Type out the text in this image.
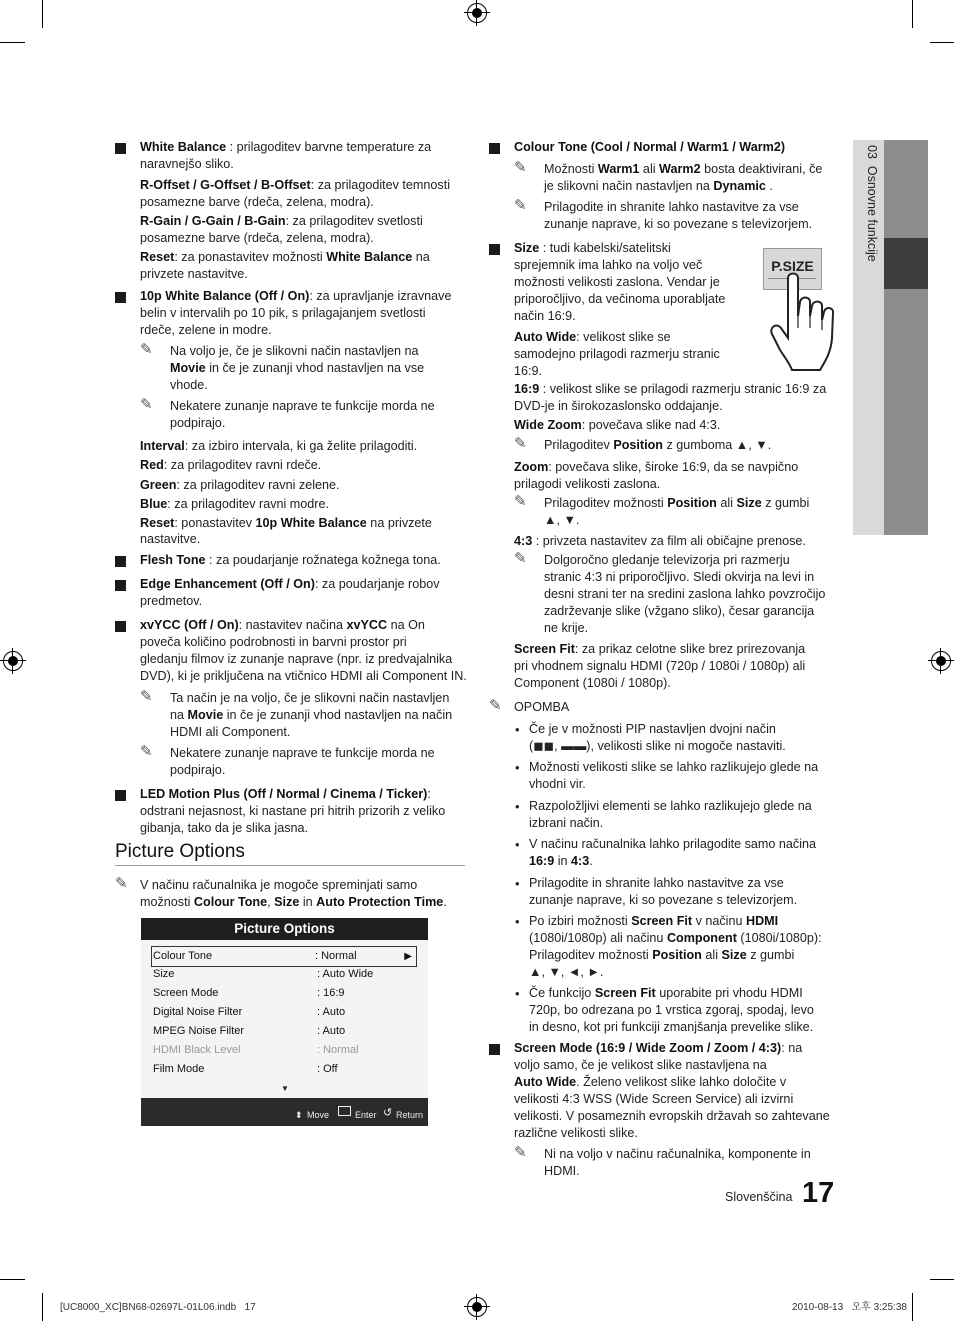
03  Osnovne funkcije

White Balance : prilagoditev barvne temperature za

naravnejšo sliko.

R-Offset / G-Offset / B-Offset: za prilagoditev temnosti

posamezne barve (rdeča, zelena, modra).

R-Gain / G-Gain / B-Gain: za prilagoditev svetlosti

posamezne barve (rdeča, zelena, modra).

Reset: za ponastavitev možnosti White Balance na

privzete nastavitve.

10p White Balance (Off / On): za upravljanje izravnave

belin v intervalih po 10 pik, s prilagajanjem svetlosti

rdeče, zelene in modre.

✎ Na voljo je, če je slikovni način nastavljen na

Movie in če je zunanji vhod nastavljen na vse

vhode.

✎ Nekatere zunanje naprave te funkcije morda ne

podpirajo.

Interval: za izbiro intervala, ki ga želite prilagoditi.

Red: za prilagoditev ravni rdeče.

Green: za prilagoditev ravni zelene.

Blue: za prilagoditev ravni modre.

Reset: ponastavitev 10p White Balance na privzete

nastavitve.

Flesh Tone : za poudarjanje rožnatega kožnega tona.

Edge Enhancement (Off / On): za poudarjanje robov

predmetov.

xvYCC (Off / On): nastavitev načina xvYCC na On

poveča količino podrobnosti in barvni prostor pri

gledanju filmov iz zunanje naprave (npr. iz predvajalnika

DVD), ki je priključena na vtičnico HDMI ali Component IN.

✎ Ta način je na voljo, če je slikovni način nastavljen

na Movie in če je zunanji vhod nastavljen na način

HDMI ali Component.

✎ Nekatere zunanje naprave te funkcije morda ne

podpirajo.

LED Motion Plus (Off / Normal / Cinema / Ticker):

odstrani nejasnost, ki nastane pri hitrih prizorih z veliko

gibanja, tako da je slika jasna.

Picture Options
✎ V načinu računalnika je mogoče spreminjati samo

možnosti Colour Tone, Size in Auto Protection Time.

Picture Options
Colour Tone	: Normal	▶
Size	: Auto Wide
Screen Mode	: 16:9
Digital Noise Filter	: Auto
MPEG Noise Filter	: Auto
HDMI Black Level	: Normal
Film Mode	: Off
▼
⬍ Move	Enter ↺ Return

Colour Tone (Cool / Normal / Warm1 / Warm2)

✎ Možnosti Warm1 ali Warm2 bosta deaktivirani, če

je slikovni način nastavljen na Dynamic .

✎ Prilagodite in shranite lahko nastavitve za vse

zunanje naprave, ki so povezane s televizorjem.

Size : tudi kabelski/satelitski

sprejemnik ima lahko na voljo več

možnosti velikosti zaslona. Vendar je

priporočljivo, da večinoma uporabljate

način 16:9.

P.SIZE

Auto Wide: velikost slike se

samodejno prilagodi razmerju stranic

16:9.

16:9 : velikost slike se prilagodi razmerju stranic 16:9 za

DVD-je in širokozaslonsko oddajanje.

Wide Zoom: povečava slike nad 4:3.

✎ Prilagoditev Position z gumboma ▲, ▼.

Zoom: povečava slike, široke 16:9, da se navpično

prilagodi velikosti zaslona.

✎ Prilagoditev možnosti Position ali Size z gumbi

▲, ▼.

4:3 : privzeta nastavitev za film ali običajne prenose.

✎ Dolgoročno gledanje televizorja pri razmerju

stranic 4:3 ni priporočljivo. Sledi okvirja na levi in

desni strani ter na sredini zaslona lahko povzročijo

zadrževanje slike (vžgano sliko), česar garancija

ne krije.

Screen Fit: za prikaz celotne slike brez prirezovanja

pri vhodnem signalu HDMI (720p / 1080i / 1080p) ali

Component (1080i / 1080p).

✎ OPOMBA
• Če je v možnosti PIP nastavljen dvojni način

(◼◼, ▬▬), velikosti slike ni mogoče nastaviti.

• Možnosti velikosti slike se lahko razlikujejo glede na

vhodni vir.

• Razpoložljivi elementi se lahko razlikujejo glede na

izbrani način.

• V načinu računalnika lahko prilagodite samo načina

16:9 in 4:3.

• Prilagodite in shranite lahko nastavitve za vse

zunanje naprave, ki so povezane s televizorjem.

• Po izbiri možnosti Screen Fit v načinu HDMI

(1080i/1080p) ali načinu Component (1080i/1080p):

Prilagoditev možnosti Position ali Size z gumbi

▲, ▼, ◄, ►.

• Če funkcijo Screen Fit uporabite pri vhodu HDMI

720p, bo odrezana po 1 vrstica zgoraj, spodaj, levo

in desno, kot pri funkciji zmanjšanja prevelike slike.

Screen Mode (16:9 / Wide Zoom / Zoom / 4:3): na

voljo samo, če je velikost slike nastavljena na

Auto Wide. Želeno velikost slike lahko določite v

velikosti 4:3 WSS (Wide Screen Service) ali izvirni

velikosti. V posameznih evropskih državah so zahtevane

različne velikosti slike.

✎ Ni na voljo v načinu računalnika, komponente in

HDMI.

Slovenščina 17
[UC8000_XC]BN68-02697L-01L06.indb   17	2010-08-13   오후 3:25:38
